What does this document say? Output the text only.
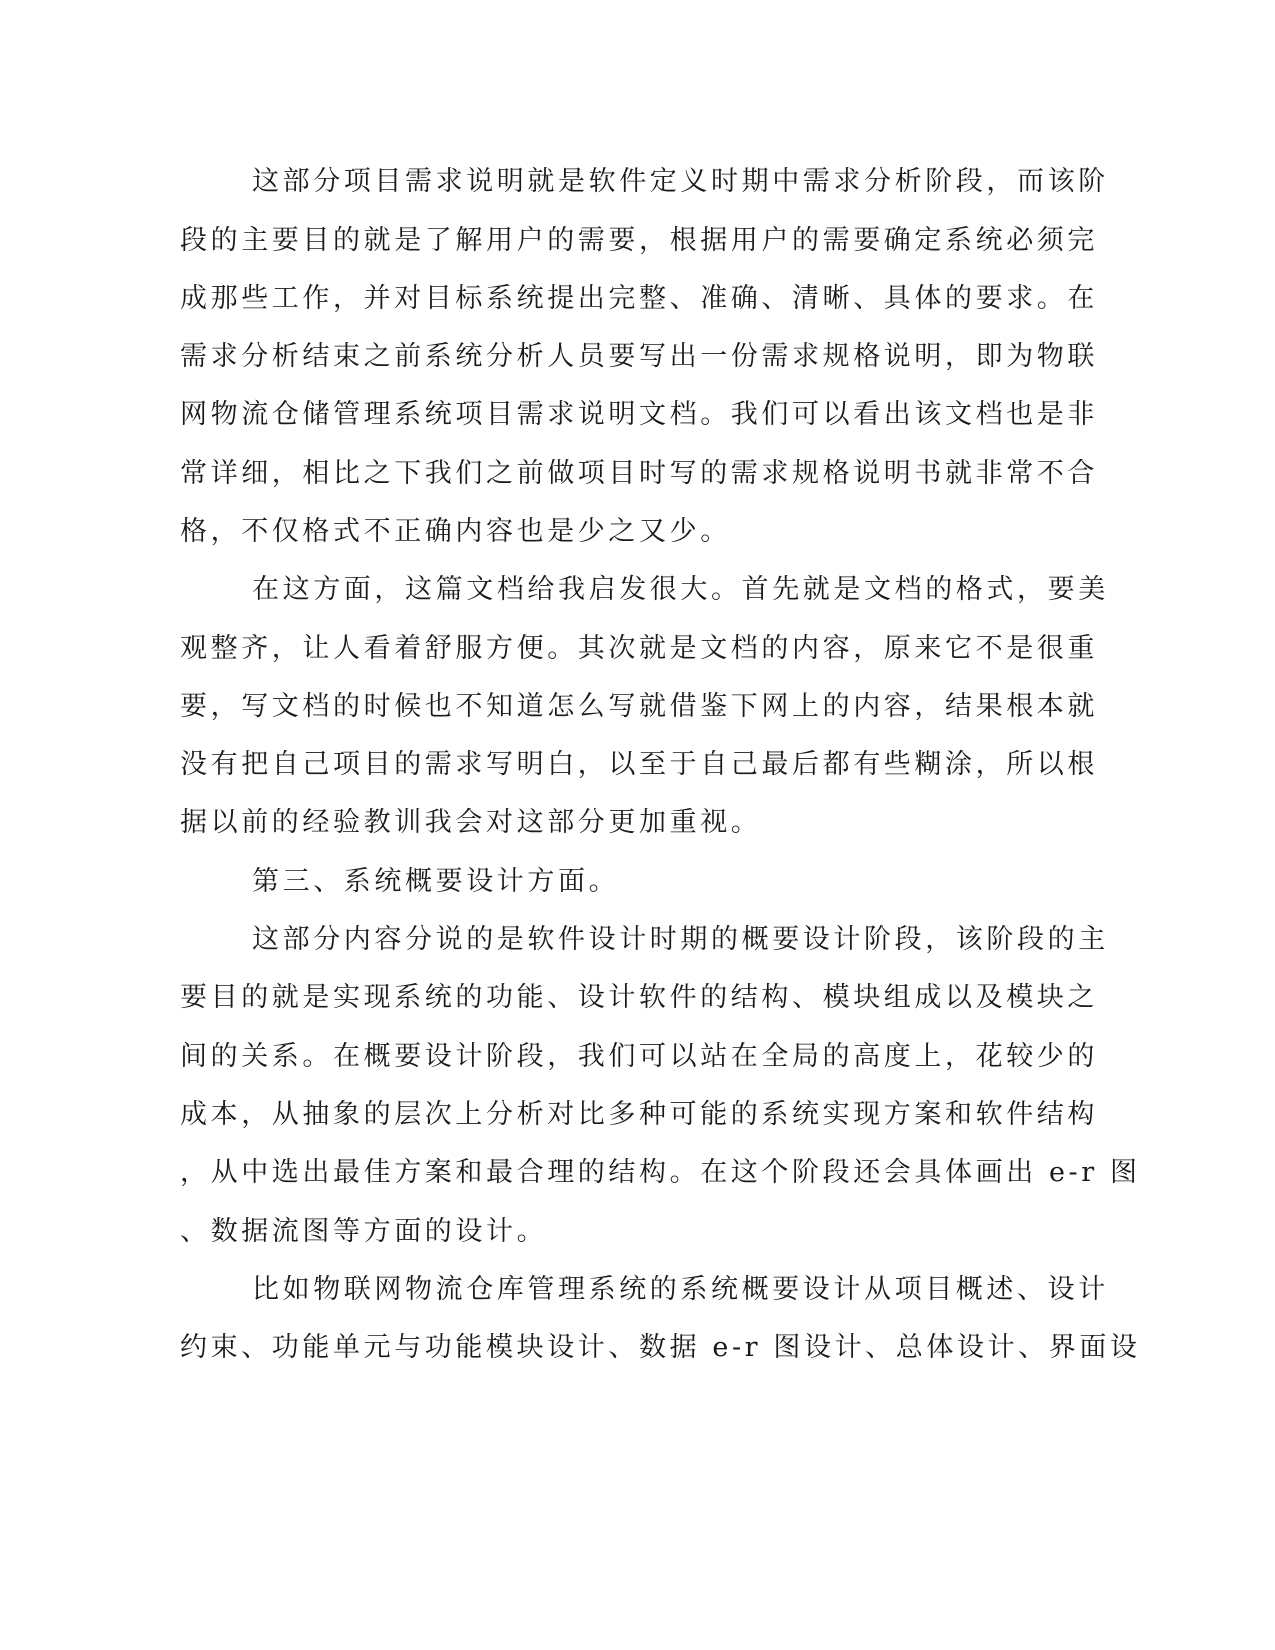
这部分项目需求说明就是软件定义时期中需求分析阶段，而该阶
段的主要目的就是了解用户的需要，根据用户的需要确定系统必须完
成那些工作，并对目标系统提出完整、准确、清晰、具体的要求。在
需求分析结束之前系统分析人员要写出一份需求规格说明，即为物联
网物流仓储管理系统项目需求说明文档。我们可以看出该文档也是非
常详细，相比之下我们之前做项目时写的需求规格说明书就非常不合
格，不仅格式不正确内容也是少之又少。
在这方面，这篇文档给我启发很大。首先就是文档的格式，要美
观整齐，让人看着舒服方便。其次就是文档的内容，原来它不是很重
要，写文档的时候也不知道怎么写就借鉴下网上的内容，结果根本就
没有把自己项目的需求写明白，以至于自己最后都有些糊涂，所以根
据以前的经验教训我会对这部分更加重视。
第三、系统概要设计方面。
这部分内容分说的是软件设计时期的概要设计阶段，该阶段的主
要目的就是实现系统的功能、设计软件的结构、模块组成以及模块之
间的关系。在概要设计阶段，我们可以站在全局的高度上，花较少的
成本，从抽象的层次上分析对比多种可能的系统实现方案和软件结构
，从中选出最佳方案和最合理的结构。在这个阶段还会具体画出 e-r 图
、数据流图等方面的设计。
比如物联网物流仓库管理系统的系统概要设计从项目概述、设计
约束、功能单元与功能模块设计、数据 e-r 图设计、总体设计、界面设
